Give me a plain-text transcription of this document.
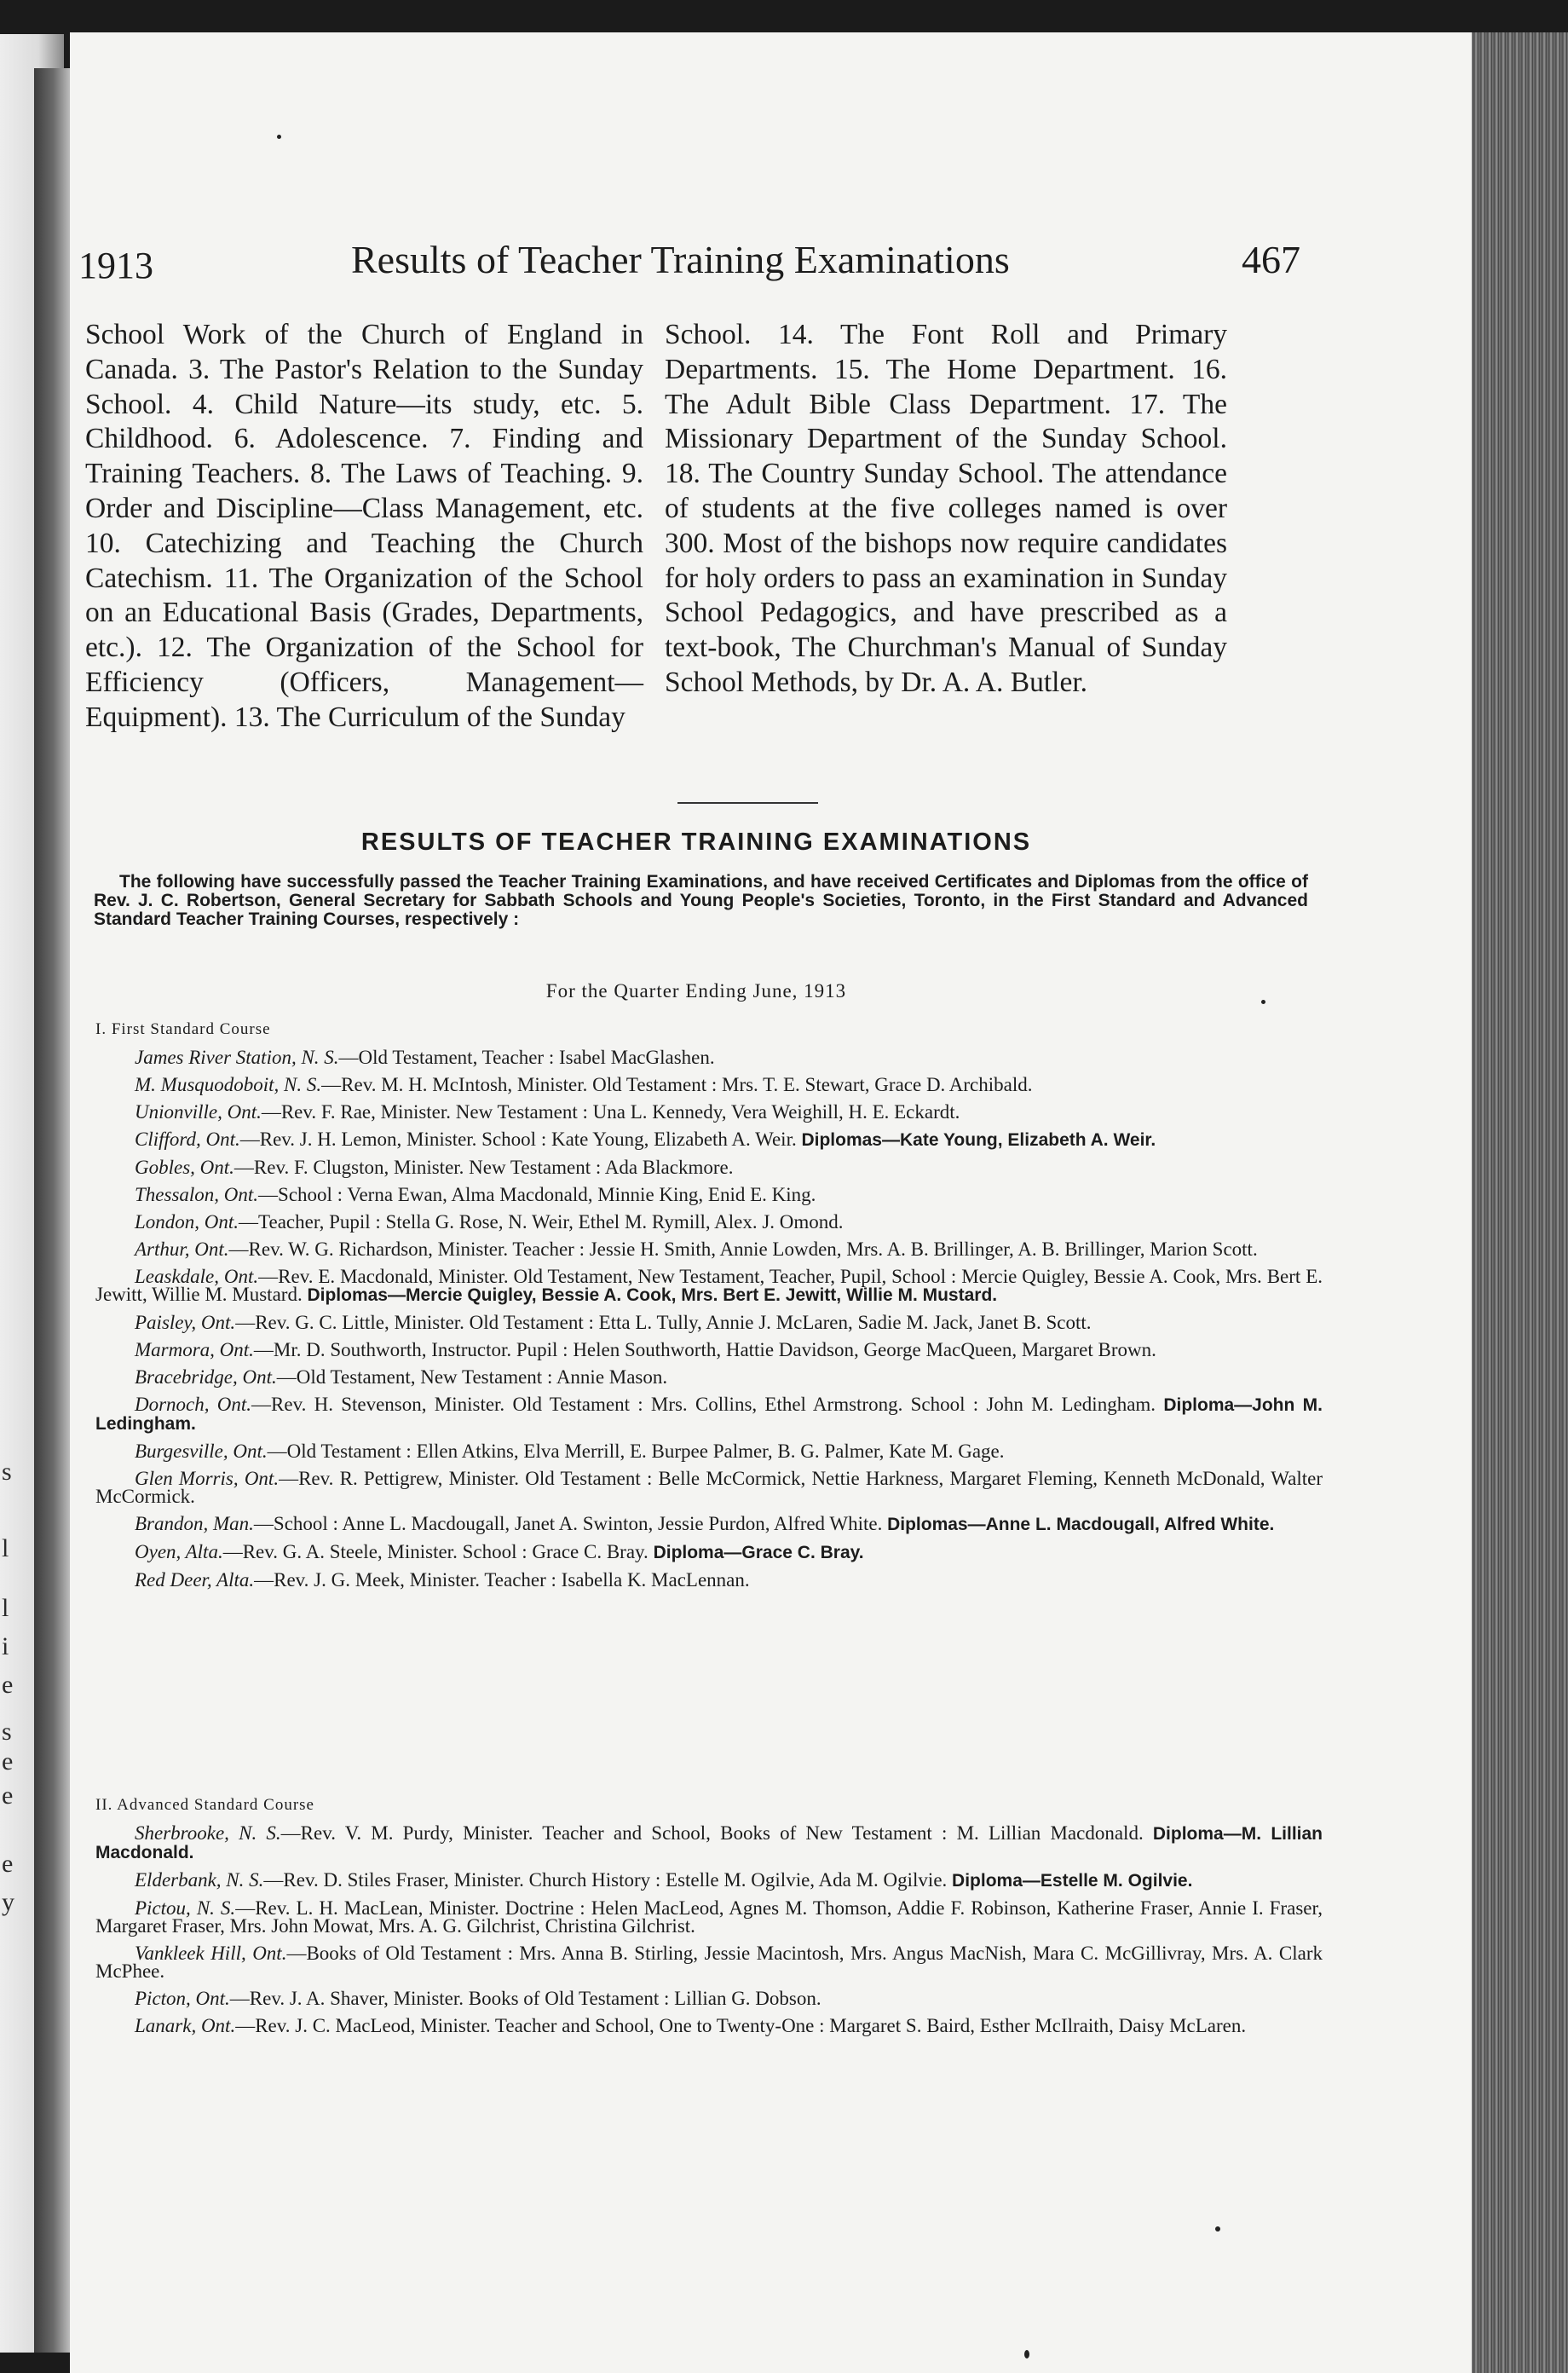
s
l
l
i
e
s
e
e
e
y
1913	Results of Teacher Training Examinations	467
School Work of the Church of England in Canada. 3. The Pastor's Relation to the Sunday School. 4. Child Nature—its study, etc. 5. Childhood. 6. Adolescence. 7. Finding and Training Teachers. 8. The Laws of Teaching. 9. Order and Discipline—Class Management, etc. 10. Catechizing and Teaching the Church Catechism. 11. The Organization of the School on an Educational Basis (Grades, Departments, etc.). 12. The Organization of the School for Efficiency (Officers, Management—Equipment). 13. The Curriculum of the Sunday
School. 14. The Font Roll and Primary Departments. 15. The Home Department. 16. The Adult Bible Class Department. 17. The Missionary Department of the Sunday School. 18. The Country Sunday School. The attendance of students at the five colleges named is over 300. Most of the bishops now require candidates for holy orders to pass an examination in Sunday School Pedagogics, and have prescribed as a text-book, The Churchman's Manual of Sunday School Methods, by Dr. A. A. Butler.
RESULTS OF TEACHER TRAINING EXAMINATIONS
The following have successfully passed the Teacher Training Examinations, and have received Certificates and Diplomas from the office of Rev. J. C. Robertson, General Secretary for Sabbath Schools and Young People's Societies, Toronto, in the First Standard and Advanced Standard Teacher Training Courses, respectively :
For the Quarter Ending June, 1913
I. First Standard Course

James River Station, N. S.—Old Testament, Teacher : Isabel MacGlashen.

M. Musquodoboit, N. S.—Rev. M. H. McIntosh, Minister. Old Testament : Mrs. T. E. Stewart, Grace D. Archibald.

Unionville, Ont.—Rev. F. Rae, Minister. New Testament : Una L. Kennedy, Vera Weighill, H. E. Eckardt.

Clifford, Ont.—Rev. J. H. Lemon, Minister. School : Kate Young, Elizabeth A. Weir. Diplomas—Kate Young, Elizabeth A. Weir.

Gobles, Ont.—Rev. F. Clugston, Minister. New Testament : Ada Blackmore.

Thessalon, Ont.—School : Verna Ewan, Alma Macdonald, Minnie King, Enid E. King.

London, Ont.—Teacher, Pupil : Stella G. Rose, N. Weir, Ethel M. Rymill, Alex. J. Omond.

Arthur, Ont.—Rev. W. G. Richardson, Minister. Teacher : Jessie H. Smith, Annie Lowden, Mrs. A. B. Brillinger, A. B. Brillinger, Marion Scott.

Leaskdale, Ont.—Rev. E. Macdonald, Minister. Old Testament, New Testament, Teacher, Pupil, School : Mercie Quigley, Bessie A. Cook, Mrs. Bert E. Jewitt, Willie M. Mustard. Diplomas—Mercie Quigley, Bessie A. Cook, Mrs. Bert E. Jewitt, Willie M. Mustard.

Paisley, Ont.—Rev. G. C. Little, Minister. Old Testament : Etta L. Tully, Annie J. McLaren, Sadie M. Jack, Janet B. Scott.

Marmora, Ont.—Mr. D. Southworth, Instructor. Pupil : Helen Southworth, Hattie Davidson, George MacQueen, Margaret Brown.

Bracebridge, Ont.—Old Testament, New Testament : Annie Mason.

Dornoch, Ont.—Rev. H. Stevenson, Minister. Old Testament : Mrs. Collins, Ethel Armstrong. School : John M. Ledingham. Diploma—John M. Ledingham.

Burgesville, Ont.—Old Testament : Ellen Atkins, Elva Merrill, E. Burpee Palmer, B. G. Palmer, Kate M. Gage.

Glen Morris, Ont.—Rev. R. Pettigrew, Minister. Old Testament : Belle McCormick, Nettie Harkness, Margaret Fleming, Kenneth McDonald, Walter McCormick.

Brandon, Man.—School : Anne L. Macdougall, Janet A. Swinton, Jessie Purdon, Alfred White. Diplomas—Anne L. Macdougall, Alfred White.

Oyen, Alta.—Rev. G. A. Steele, Minister. School : Grace C. Bray. Diploma—Grace C. Bray.

Red Deer, Alta.—Rev. J. G. Meek, Minister. Teacher : Isabella K. MacLennan.

II. Advanced Standard Course

Sherbrooke, N. S.—Rev. V. M. Purdy, Minister. Teacher and School, Books of New Testament : M. Lillian Macdonald. Diploma—M. Lillian Macdonald.

Elderbank, N. S.—Rev. D. Stiles Fraser, Minister. Church History : Estelle M. Ogilvie, Ada M. Ogilvie. Diploma—Estelle M. Ogilvie.

Pictou, N. S.—Rev. L. H. MacLean, Minister. Doctrine : Helen MacLeod, Agnes M. Thomson, Addie F. Robinson, Katherine Fraser, Annie I. Fraser, Margaret Fraser, Mrs. John Mowat, Mrs. A. G. Gilchrist, Christina Gilchrist.

Vankleek Hill, Ont.—Books of Old Testament : Mrs. Anna B. Stirling, Jessie Macintosh, Mrs. Angus MacNish, Mara C. McGillivray, Mrs. A. Clark McPhee.

Picton, Ont.—Rev. J. A. Shaver, Minister. Books of Old Testament : Lillian G. Dobson.

Lanark, Ont.—Rev. J. C. MacLeod, Minister. Teacher and School, One to Twenty-One : Margaret S. Baird, Esther McIlraith, Daisy McLaren.
